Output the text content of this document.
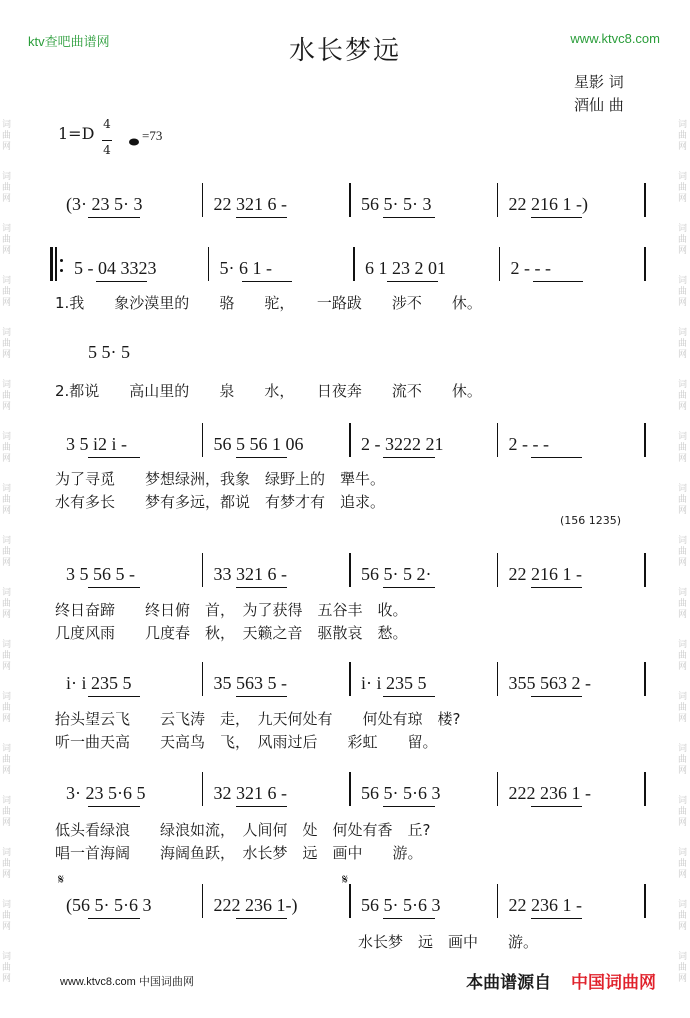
词
曲
网
词
曲
网
词
曲
网
词
曲
网
词
曲
网
词
曲
网
词
曲
网
词
曲
网
词
曲
网
词
曲
网
词
曲
网
词
曲
网
词
曲
网
词
曲
网
词
曲
网
词
曲
网
词
曲
网
词
曲
网
词
曲
网
词
曲
网
词
曲
网
词
曲
网
词
曲
网
词
曲
网
词
曲
网
词
曲
网
词
曲
网
词
曲
网
词
曲
网
词
曲
网
词
曲
网
词
曲
网
词
曲
网
词
曲
网
ktv查吧曲谱网	www.ktvc8.com
水长梦远
星影 词
酒仙 曲
1=D 4

4
=73
(3· 23 5· 3	22 321 6 -	56 5· 5· 3	22 216 1 -)
5 - 04 3323	5· 6 1 -	6 1 23 2 01	2 - - -
1.我　　象沙漠里的　　骆　　驼，　　一路跋　　涉不　　休。
5 5· 5
2.都说　　高山里的　　泉　　水，　　日夜奔　　流不　　休。
3 5 i2 i -	56 5 56 1 06	2 - 3222 21	2 - - -
为了寻觅　　梦想绿洲，我象　绿野上的　犟牛。
水有多长　　梦有多远，都说　有梦才有　追求。
(156 1235)
3 5 56 5 -	33 321 6 -	56 5· 5 2·	22 216 1 -
终日奋蹄　　终日俯　首，　为了获得　五谷丰　收。
几度风雨　　几度春　秋，　天籁之音　驱散哀　愁。
i· i 235 5	35 563 5 -	i· i 235 5	355 563 2 -
抬头望云飞　　云飞涛　走，　九天何处有　　何处有琼　楼?
听一曲天高　　天高鸟　飞，　风雨过后　　彩虹　　留。
3· 23 5·6 5	32 321 6 -	56 5· 5·6 3	222 236 1 -
低头看绿浪　　绿浪如流，　人间何　处　何处有香　丘?
唱一首海阔　　海阔鱼跃，　水长梦　远　画中　　游。
𝄋	𝄋
(56 5· 5·6 3	222 236 1-)	56 5· 5·6 3	22 236 1 -
水长梦　远　画中　　游。
www.ktvc8.com 中国词曲网	本曲谱源自 中国词曲网
